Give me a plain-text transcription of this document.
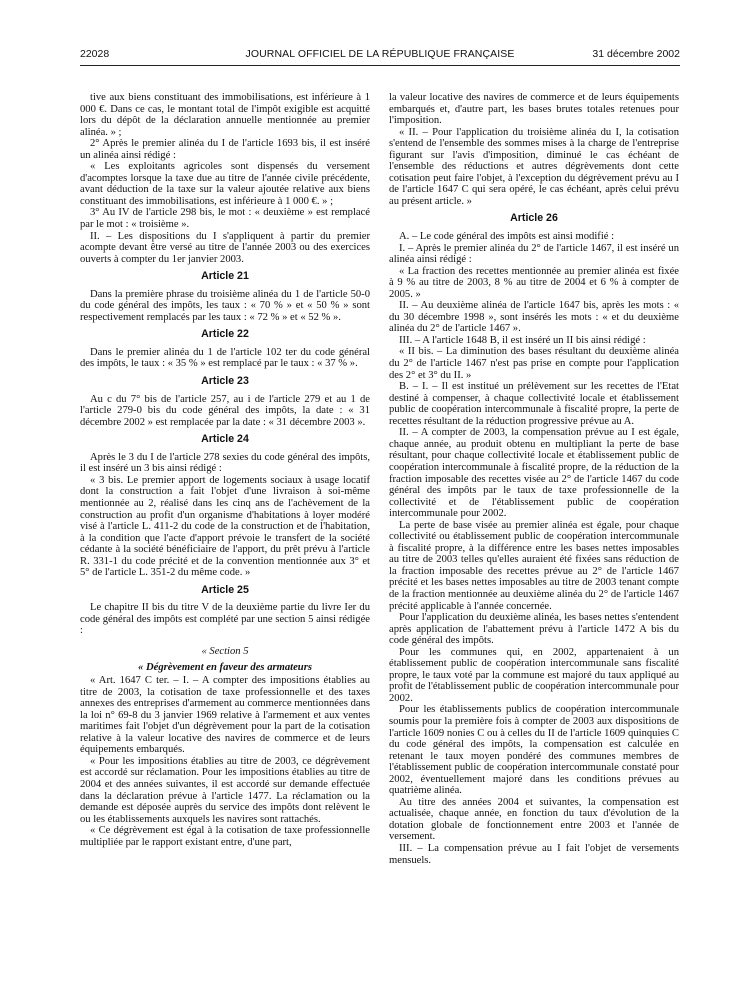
22028	JOURNAL OFFICIEL DE LA RÉPUBLIQUE FRANÇAISE	31 décembre 2002

tive aux biens constituant des immobilisations, est inférieure à 1 000 €. Dans ce cas, le montant total de l'impôt exigible est acquitté lors du dépôt de la déclaration annuelle mentionnée au premier alinéa. » ;

2° Après le premier alinéa du I de l'article 1693 bis, il est inséré un alinéa ainsi rédigé :

« Les exploitants agricoles sont dispensés du versement d'acomptes lorsque la taxe due au titre de l'année civile précédente, avant déduction de la taxe sur la valeur ajoutée relative aux biens constituant des immobilisations, est inférieure à 1 000 €. » ;

3° Au IV de l'article 298 bis, le mot : « deuxième » est remplacé par le mot : « troisième ».

II. – Les dispositions du I s'appliquent à partir du premier acompte devant être versé au titre de l'année 2003 ou des exercices ouverts à compter du 1er janvier 2003.

Article 21

Dans la première phrase du troisième alinéa du 1 de l'article 50-0 du code général des impôts, les taux : « 70 % » et « 50 % » sont respectivement remplacés par les taux : « 72 % » et « 52 % ».

Article 22

Dans le premier alinéa du 1 de l'article 102 ter du code général des impôts, le taux : « 35 % » est remplacé par le taux : « 37 % ».

Article 23

Au c du 7° bis de l'article 257, au i de l'article 279 et au 1 de l'article 279-0 bis du code général des impôts, la date : « 31 décembre 2002 » est remplacée par la date : « 31 décembre 2003 ».

Article 24

Après le 3 du I de l'article 278 sexies du code général des impôts, il est inséré un 3 bis ainsi rédigé :

« 3 bis. Le premier apport de logements sociaux à usage locatif dont la construction a fait l'objet d'une livraison à soi-même mentionnée au 2, réalisé dans les cinq ans de l'achèvement de la construction au profit d'un organisme d'habitations à loyer modéré visé à l'article L. 411-2 du code de la construction et de l'habitation, à la condition que l'acte d'apport prévoie le transfert de la société cédante à la société bénéficiaire de l'apport, du prêt prévu à l'article R. 331-1 du code précité et de la convention mentionnée aux 3° et 5° de l'article L. 351-2 du même code. »

Article 25

Le chapitre II bis du titre V de la deuxième partie du livre Ier du code général des impôts est complété par une section 5 ainsi rédigée :

« Section 5

« Dégrèvement en faveur des armateurs

« Art. 1647 C ter. – I. – A compter des impositions établies au titre de 2003, la cotisation de taxe professionnelle et des taxes annexes des entreprises d'armement au commerce mentionnées dans la loi n° 69-8 du 3 janvier 1969 relative à l'armement et aux ventes maritimes fait l'objet d'un dégrèvement pour la part de la cotisation relative à la valeur locative des navires de commerce et de leurs équipements embarqués.

« Pour les impositions établies au titre de 2003, ce dégrèvement est accordé sur réclamation. Pour les impositions établies au titre de 2004 et des années suivantes, il est accordé sur demande effectuée dans la déclaration prévue à l'article 1477. La réclamation ou la demande est déposée auprès du service des impôts dont relèvent le ou les établissements auxquels les navires sont rattachés.

« Ce dégrèvement est égal à la cotisation de taxe professionnelle multipliée par le rapport existant entre, d'une part,

la valeur locative des navires de commerce et de leurs équipements embarqués et, d'autre part, les bases brutes totales retenues pour l'imposition.

« II. – Pour l'application du troisième alinéa du I, la cotisation s'entend de l'ensemble des sommes mises à la charge de l'entreprise figurant sur l'avis d'imposition, diminué le cas échéant de l'ensemble des réductions et autres dégrèvements dont cette cotisation peut faire l'objet, à l'exception du dégrèvement prévu au I de l'article 1647 C qui sera opéré, le cas échéant, après celui prévu au présent article. »

Article 26

A. – Le code général des impôts est ainsi modifié :

I. – Après le premier alinéa du 2° de l'article 1467, il est inséré un alinéa ainsi rédigé :

« La fraction des recettes mentionnée au premier alinéa est fixée à 9 % au titre de 2003, 8 % au titre de 2004 et 6 % à compter de 2005. »

II. – Au deuxième alinéa de l'article 1647 bis, après les mots : « du 30 décembre 1998 », sont insérés les mots : « et du deuxième alinéa du 2° de l'article 1467 ».

III. – A l'article 1648 B, il est inséré un II bis ainsi rédigé :

« II bis. – La diminution des bases résultant du deuxième alinéa du 2° de l'article 1467 n'est pas prise en compte pour l'application des 2° et 3° du II. »

B. – I. – Il est institué un prélèvement sur les recettes de l'Etat destiné à compenser, à chaque collectivité locale et établissement public de coopération intercommunale à fiscalité propre, la perte de recettes résultant de la réduction progressive prévue au A.

II. – A compter de 2003, la compensation prévue au I est égale, chaque année, au produit obtenu en multipliant la perte de base résultant, pour chaque collectivité locale et établissement public de coopération intercommunale à fiscalité propre, de la réduction de la fraction imposable des recettes visée au 2° de l'article 1467 du code général des impôts par le taux de taxe professionnelle de la collectivité et de l'établissement public de coopération intercommunale pour 2002.

La perte de base visée au premier alinéa est égale, pour chaque collectivité ou établissement public de coopération intercommunale à fiscalité propre, à la différence entre les bases nettes imposables au titre de 2003 telles qu'elles auraient été fixées sans réduction de la fraction imposable des recettes prévue au 2° de l'article 1467 précité et les bases nettes imposables au titre de 2003 tenant compte de la fraction mentionnée au deuxième alinéa du 2° de l'article 1467 précité applicable à l'année concernée.

Pour l'application du deuxième alinéa, les bases nettes s'entendent après application de l'abattement prévu à l'article 1472 A bis du code général des impôts.

Pour les communes qui, en 2002, appartenaient à un établissement public de coopération intercommunale sans fiscalité propre, le taux voté par la commune est majoré du taux appliqué au profit de l'établissement public de coopération intercommunale pour 2002.

Pour les établissements publics de coopération intercommunale soumis pour la première fois à compter de 2003 aux dispositions de l'article 1609 nonies C ou à celles du II de l'article 1609 quinquies C du code général des impôts, la compensation est calculée en retenant le taux moyen pondéré des communes membres de l'établissement public de coopération intercommunale constaté pour 2002, éventuellement majoré dans les conditions prévues au quatrième alinéa.

Au titre des années 2004 et suivantes, la compensation est actualisée, chaque année, en fonction du taux d'évolution de la dotation globale de fonctionnement entre 2003 et l'année de versement.

III. – La compensation prévue au I fait l'objet de versements mensuels.
